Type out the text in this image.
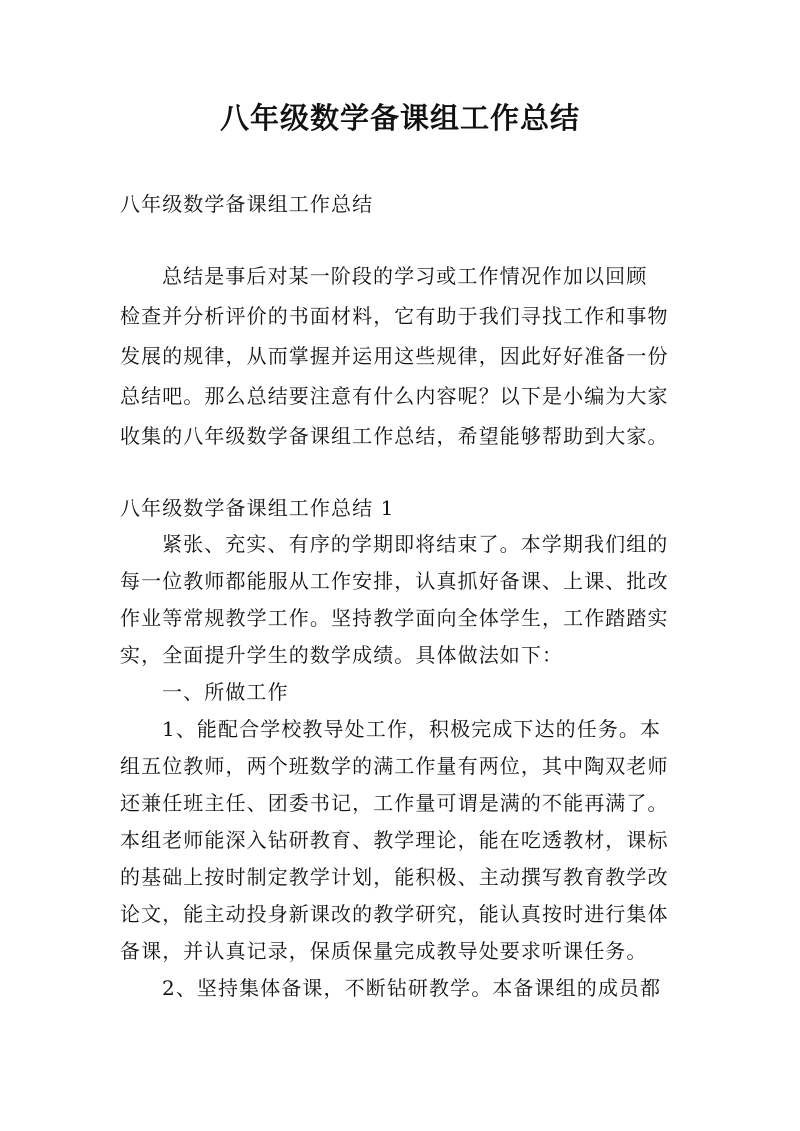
八年级数学备课组工作总结

八年级数学备课组工作总结

总结是事后对某一阶段的学习或工作情况作加以回顾

检查并分析评价的书面材料，它有助于我们寻找工作和事物

发展的规律，从而掌握并运用这些规律，因此好好准备一份

总结吧。那么总结要注意有什么内容呢？以下是小编为大家

收集的八年级数学备课组工作总结，希望能够帮助到大家。

八年级数学备课组工作总结 1

紧张、充实、有序的学期即将结束了。本学期我们组的

每一位教师都能服从工作安排，认真抓好备课、上课、批改

作业等常规教学工作。坚持教学面向全体学生，工作踏踏实

实，全面提升学生的数学成绩。具体做法如下：

一、所做工作

1、能配合学校教导处工作，积极完成下达的任务。本

组五位教师，两个班数学的满工作量有两位，其中陶双老师

还兼任班主任、团委书记，工作量可谓是满的不能再满了。

本组老师能深入钻研教育、教学理论，能在吃透教材，课标

的基础上按时制定教学计划，能积极、主动撰写教育教学改

论文，能主动投身新课改的教学研究，能认真按时进行集体

备课，并认真记录，保质保量完成教导处要求听课任务。

2、坚持集体备课，不断钻研教学。本备课组的成员都
